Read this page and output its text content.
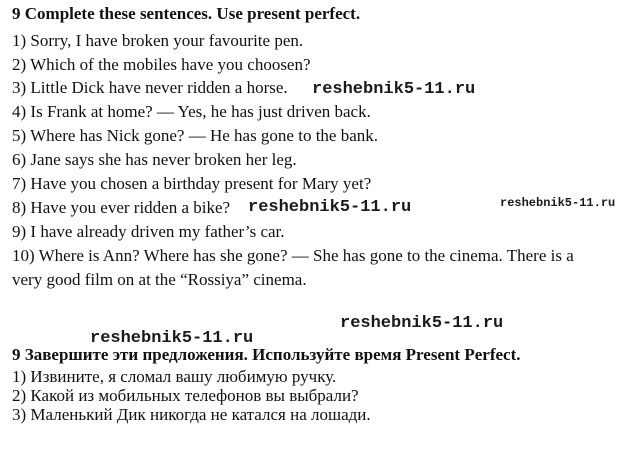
9 Complete these sentences. Use present perfect.
1) Sorry, I have broken your favourite pen.
2) Which of the mobiles have you choosen?
3) Little Dick have never ridden a horse.
4) Is Frank at home? — Yes, he has just driven back.
5) Where has Nick gone? — He has gone to the bank.
6) Jane says she has never broken her leg.
7) Have you chosen a birthday present for Mary yet?
8) Have you ever ridden a bike?
9) I have already driven my father’s car.
10) Where is Ann? Where has she gone? — She has gone to the cinema. There is a
very good film on at the “Rossiya” cinema.
9 Завершите эти предложения. Используйте время Present Perfect.
1) Извините, я сломал вашу любимую ручку.
2) Какой из мобильных телефонов вы выбрали?
3) Маленький Дик никогда не катался на лошади.
reshebnik5-11.ru
reshebnik5-11.ru	reshebnik5-11.ru
reshebnik5-11.ru
reshebnik5-11.ru
